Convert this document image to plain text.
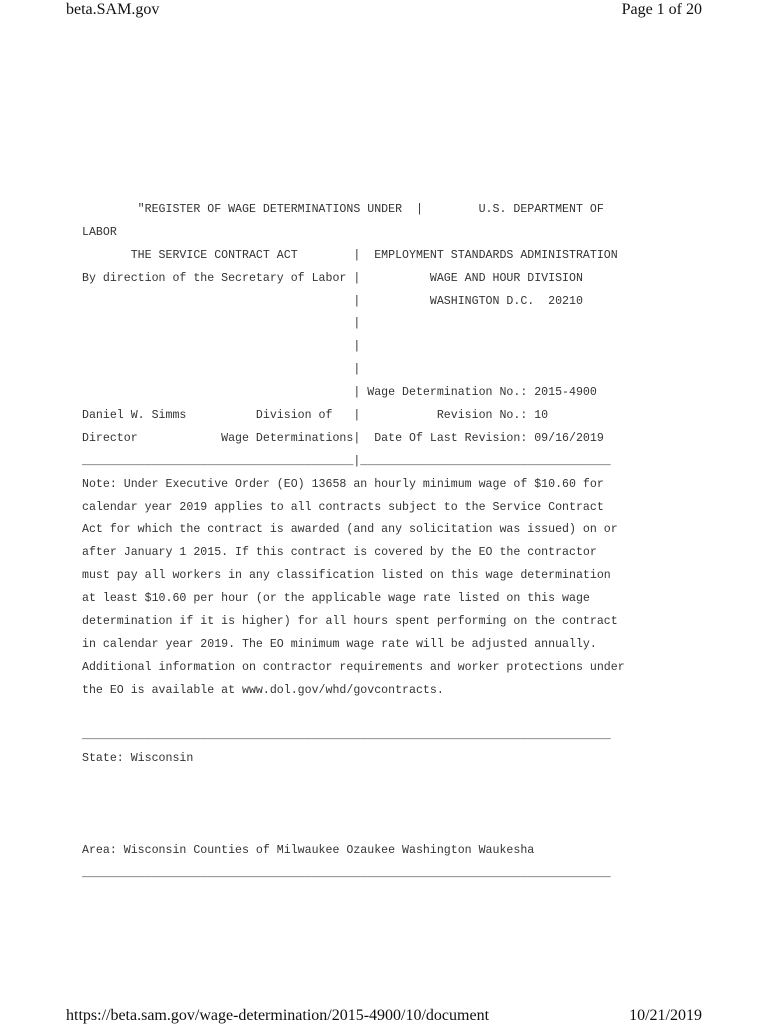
beta.SAM.gov	Page 1 of 20
"REGISTER OF WAGE DETERMINATIONS UNDER  |        U.S. DEPARTMENT OF
LABOR
THE SERVICE CONTRACT ACT        |  EMPLOYMENT STANDARDS ADMINISTRATION
By direction of the Secretary of Labor |          WAGE AND HOUR DIVISION
|          WASHINGTON D.C.  20210
|
|
|
| Wage Determination No.: 2015-4900
Daniel W. Simms          Division of   |           Revision No.: 10
Director            Wage Determinations|  Date Of Last Revision: 09/16/2019
_______________________________________|____________________________________
Note: Under Executive Order (EO) 13658 an hourly minimum wage of $10.60 for
calendar year 2019 applies to all contracts subject to the Service Contract
Act for which the contract is awarded (and any solicitation was issued) on or
after January 1 2015. If this contract is covered by the EO the contractor
must pay all workers in any classification listed on this wage determination
at least $10.60 per hour (or the applicable wage rate listed on this wage
determination if it is higher) for all hours spent performing on the contract
in calendar year 2019. The EO minimum wage rate will be adjusted annually.
Additional information on contractor requirements and worker protections under
the EO is available at www.dol.gov/whd/govcontracts.
____________________________________________________________________________
State: Wisconsin
Area: Wisconsin Counties of Milwaukee Ozaukee Washington Waukesha
____________________________________________________________________________
https://beta.sam.gov/wage-determination/2015-4900/10/document	10/21/2019
